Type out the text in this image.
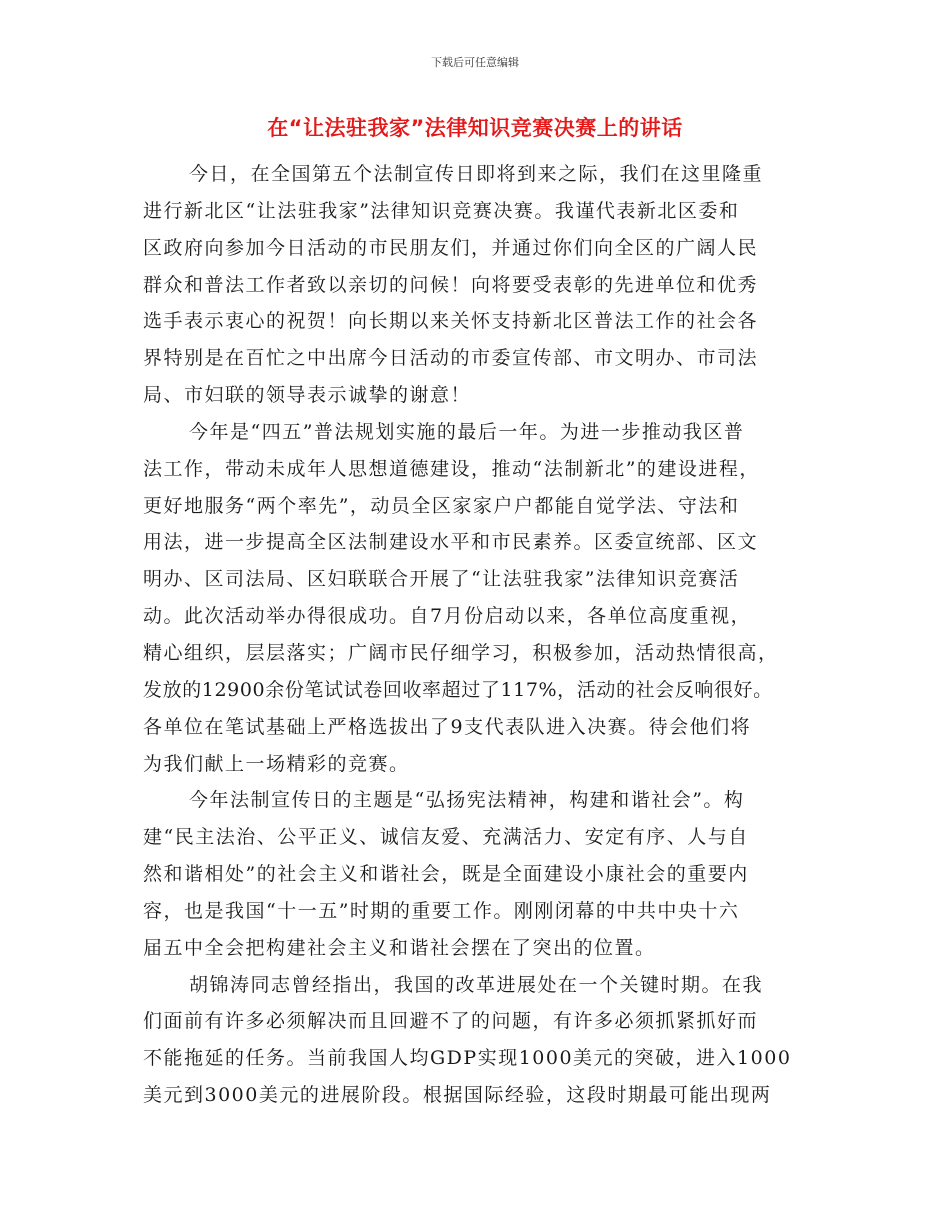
下载后可任意编辑
在“让法驻我家”法律知识竞赛决赛上的讲话
今日，在全国第五个法制宣传日即将到来之际，我们在这里隆重
进行新北区“让法驻我家”法律知识竞赛决赛。我谨代表新北区委和
区政府向参加今日活动的市民朋友们，并通过你们向全区的广阔人民
群众和普法工作者致以亲切的问候！向将要受表彰的先进单位和优秀
选手表示衷心的祝贺！向长期以来关怀支持新北区普法工作的社会各
界特别是在百忙之中出席今日活动的市委宣传部、市文明办、市司法
局、市妇联的领导表示诚挚的谢意！
今年是“四五”普法规划实施的最后一年。为进一步推动我区普
法工作，带动未成年人思想道德建设，推动“法制新北”的建设进程，
更好地服务“两个率先”，动员全区家家户户都能自觉学法、守法和
用法，进一步提高全区法制建设水平和市民素养。区委宣统部、区文
明办、区司法局、区妇联联合开展了“让法驻我家”法律知识竞赛活
动。此次活动举办得很成功。自7月份启动以来，各单位高度重视，
精心组织，层层落实；广阔市民仔细学习，积极参加，活动热情很高，
发放的12900余份笔试试卷回收率超过了117%，活动的社会反响很好。
各单位在笔试基础上严格选拔出了9支代表队进入决赛。待会他们将
为我们献上一场精彩的竞赛。
今年法制宣传日的主题是“弘扬宪法精神，构建和谐社会”。构
建“民主法治、公平正义、诚信友爱、充满活力、安定有序、人与自
然和谐相处”的社会主义和谐社会，既是全面建设小康社会的重要内
容，也是我国“十一五”时期的重要工作。刚刚闭幕的中共中央十六
届五中全会把构建社会主义和谐社会摆在了突出的位置。
胡锦涛同志曾经指出，我国的改革进展处在一个关键时期。在我
们面前有许多必须解决而且回避不了的问题，有许多必须抓紧抓好而
不能拖延的任务。当前我国人均GDP实现1000美元的突破，进入1000
美元到3000美元的进展阶段。根据国际经验，这段时期最可能出现两
